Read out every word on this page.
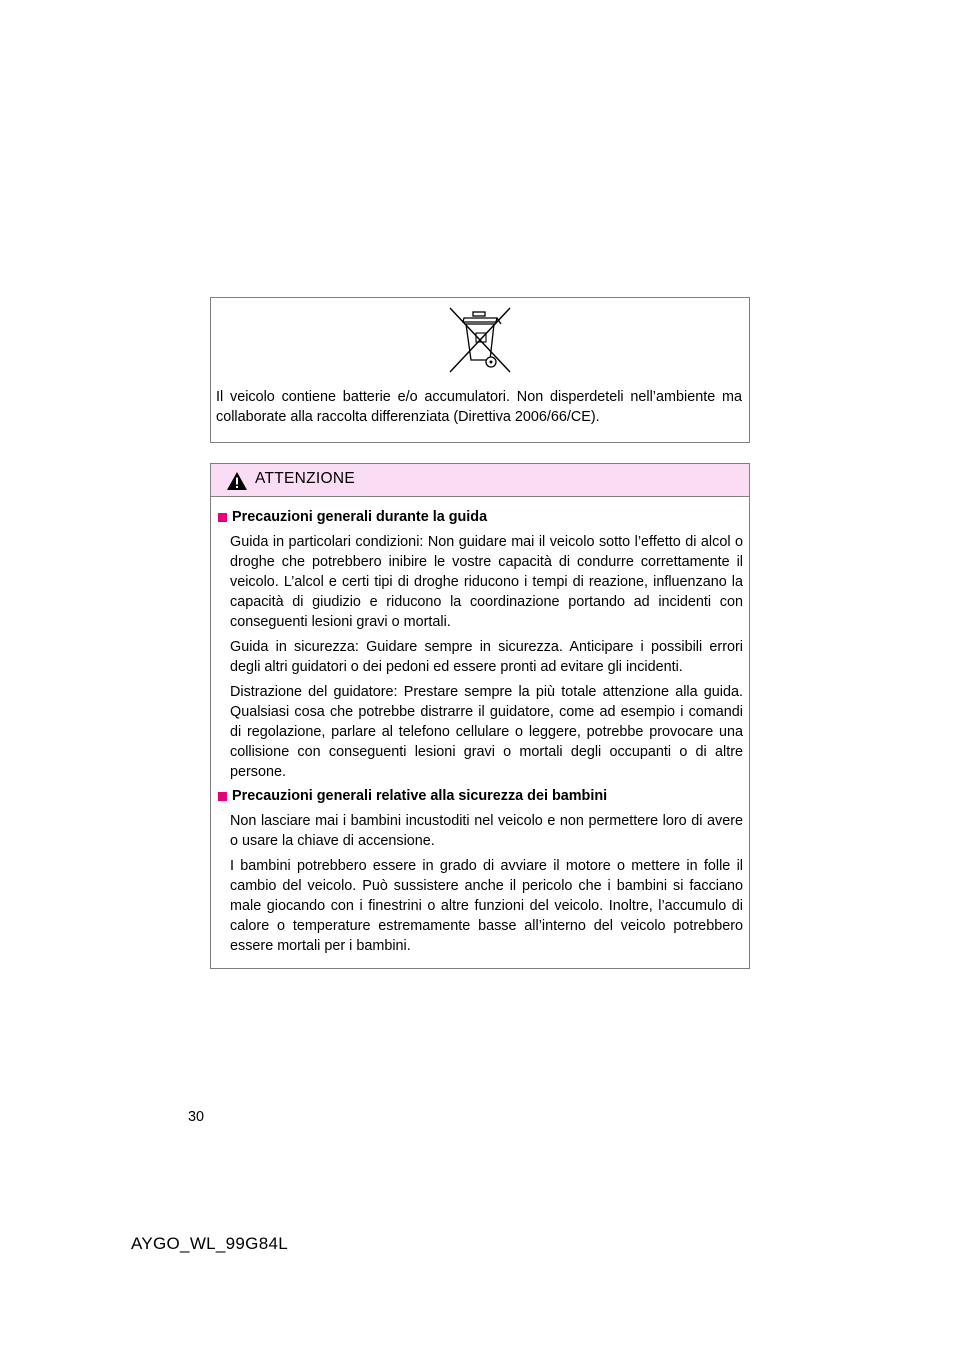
Il veicolo contiene batterie e/o accumulatori. Non disperdeteli nell’ambiente ma collaborate alla raccolta differenziata (Direttiva 2006/66/CE).

ATTENZIONE
Precauzioni generali durante la guida

Guida in particolari condizioni: Non guidare mai il veicolo sotto l’effetto di alcol o droghe che potrebbero inibire le vostre capacità di condurre correttamente il veicolo. L’alcol e certi tipi di droghe riducono i tempi di reazione, influenzano la capacità di giudizio e riducono la coordinazione portando ad incidenti con conseguenti lesioni gravi o mortali.

Guida in sicurezza: Guidare sempre in sicurezza. Anticipare i possibili errori degli altri guidatori o dei pedoni ed essere pronti ad evitare gli incidenti.

Distrazione del guidatore: Prestare sempre la più totale attenzione alla guida. Qualsiasi cosa che potrebbe distrarre il guidatore, come ad esempio i comandi di regolazione, parlare al telefono cellulare o leggere, potrebbe provocare una collisione con conseguenti lesioni gravi o mortali degli occupanti o di altre persone.

Precauzioni generali relative alla sicurezza dei bambini

Non lasciare mai i bambini incustoditi nel veicolo e non permettere loro di avere o usare la chiave di accensione.

I bambini potrebbero essere in grado di avviare il motore o mettere in folle il cambio del veicolo. Può sussistere anche il pericolo che i bambini si facciano male giocando con i finestrini o altre funzioni del veicolo. Inoltre, l’accumulo di calore o temperature estremamente basse all’interno del veicolo potrebbero essere mortali per i bambini.

30
AYGO_WL_99G84L
